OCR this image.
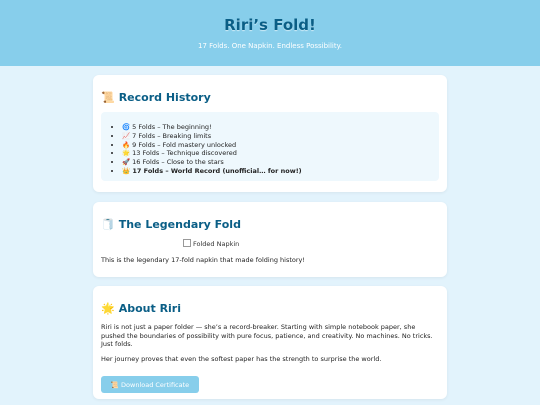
Riri’s Fold!

17 Folds. One Napkin. Endless Possibility.

📜 Record History
• 🌀 5 Folds – The beginning!
• 📈 7 Folds – Breaking limits
• 🔥 9 Folds – Fold mastery unlocked
• 🌟 13 Folds – Technique discovered
• 🚀 16 Folds – Close to the stars
• 👑 17 Folds – World Record (unofficial… for now!)
🧻 The Legendary Fold
Folded Napkin

This is the legendary 17-fold napkin that made folding history!

🌟 About Riri

Riri is not just a paper folder — she’s a record-breaker. Starting with simple notebook paper, she pushed the boundaries of possibility with pure focus, patience, and creativity. No machines. No tricks. Just folds.

Her journey proves that even the softest paper has the strength to surprise the world.

📜
Download Certificate
